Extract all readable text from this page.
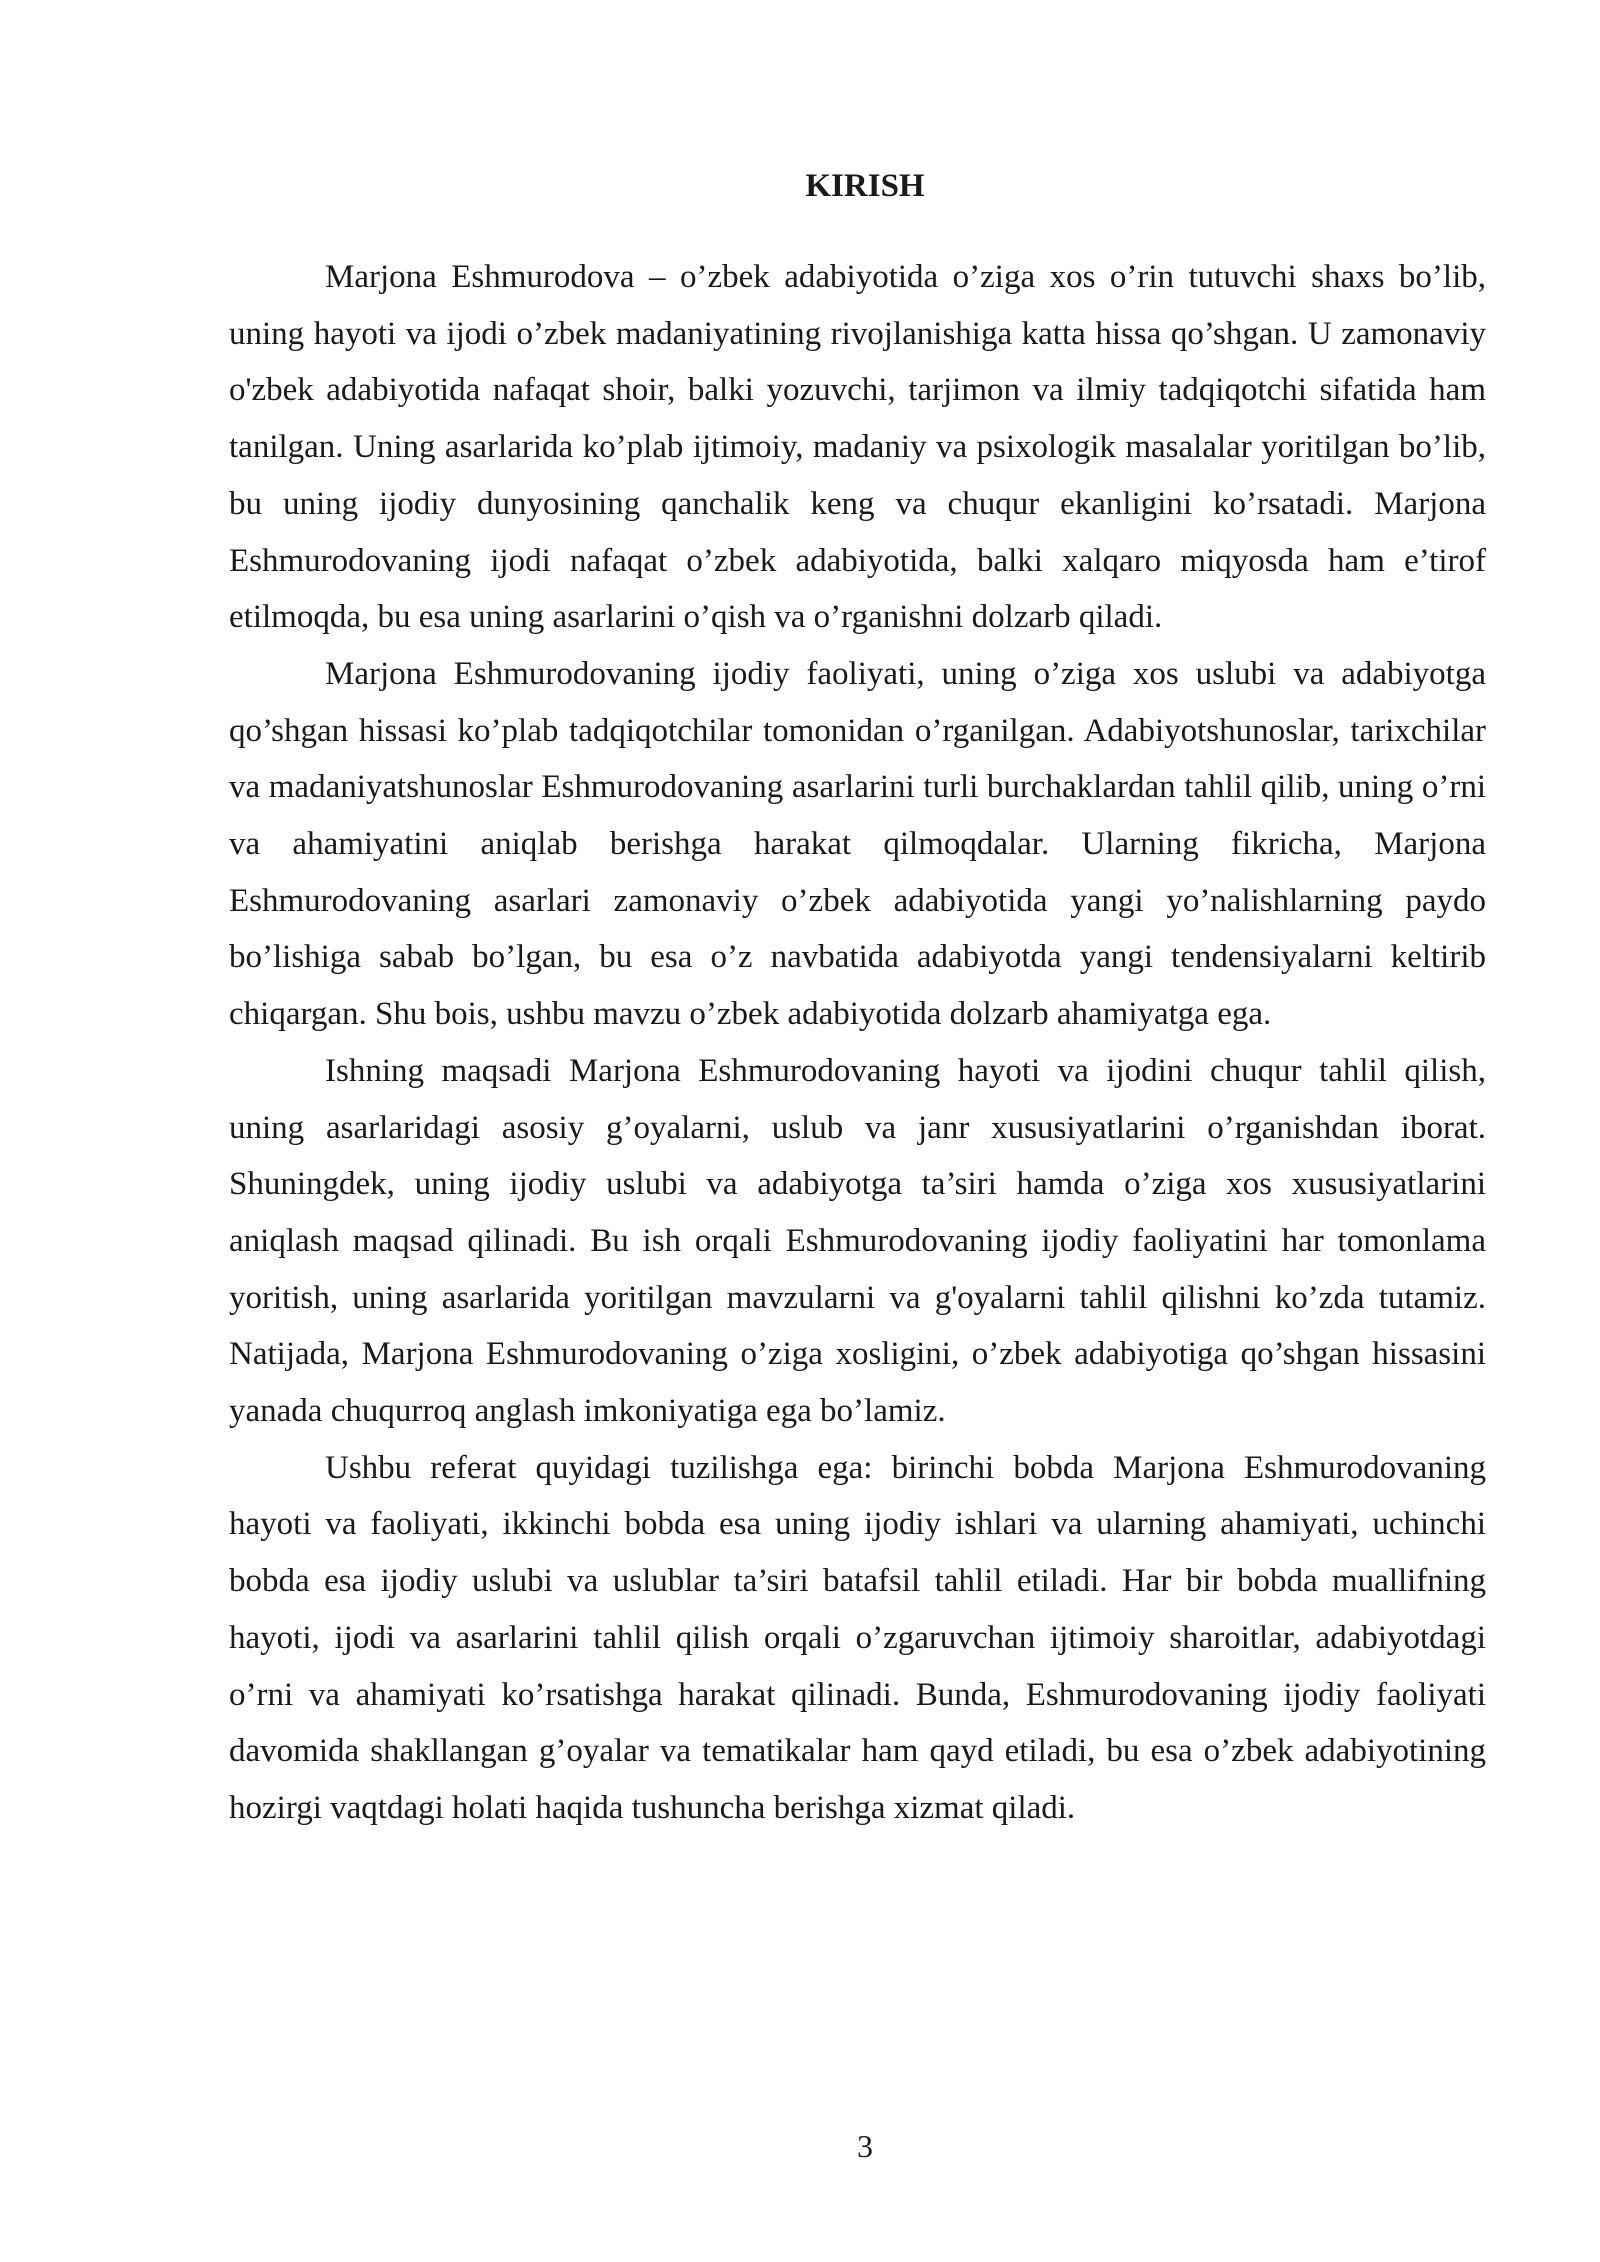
KIRISH

Marjona Eshmurodova – o’zbek adabiyotida o’ziga xos o’rin tutuvchi shaxs bo’lib, uning hayoti va ijodi o’zbek madaniyatining rivojlanishiga katta hissa qo’shgan. U zamonaviy o'zbek adabiyotida nafaqat shoir, balki yozuvchi, tarjimon va ilmiy tadqiqotchi sifatida ham tanilgan. Uning asarlarida ko’plab ijtimoiy, madaniy va psixologik masalalar yoritilgan bo’lib, bu uning ijodiy dunyosining qanchalik keng va chuqur ekanligini ko’rsatadi. Marjona Eshmurodovaning ijodi nafaqat o’zbek adabiyotida, balki xalqaro miqyosda ham e’tirof etilmoqda, bu esa uning asarlarini o’qish va o’rganishni dolzarb qiladi.

Marjona Eshmurodovaning ijodiy faoliyati, uning o’ziga xos uslubi va adabiyotga qo’shgan hissasi ko’plab tadqiqotchilar tomonidan o’rganilgan. Adabiyotshunoslar, tarixchilar va madaniyatshunoslar Eshmurodovaning asarlarini turli burchaklardan tahlil qilib, uning o’rni va ahamiyatini aniqlab berishga harakat qilmoqdalar. Ularning fikricha, Marjona Eshmurodovaning asarlari zamonaviy o’zbek adabiyotida yangi yo’nalishlarning paydo bo’lishiga sabab bo’lgan, bu esa o’z navbatida adabiyotda yangi tendensiyalarni keltirib chiqargan. Shu bois, ushbu mavzu o’zbek adabiyotida dolzarb ahamiyatga ega.

Ishning maqsadi Marjona Eshmurodovaning hayoti va ijodini chuqur tahlil qilish, uning asarlaridagi asosiy g’oyalarni, uslub va janr xususiyatlarini o’rganishdan iborat. Shuningdek, uning ijodiy uslubi va adabiyotga ta’siri hamda o’ziga xos xususiyatlarini aniqlash maqsad qilinadi. Bu ish orqali Eshmurodovaning ijodiy faoliyatini har tomonlama yoritish, uning asarlarida yoritilgan mavzularni va g'oyalarni tahlil qilishni ko’zda tutamiz. Natijada, Marjona Eshmurodovaning o’ziga xosligini, o’zbek adabiyotiga qo’shgan hissasini yanada chuqurroq anglash imkoniyatiga ega bo’lamiz.

Ushbu referat quyidagi tuzilishga ega: birinchi bobda Marjona Eshmurodovaning hayoti va faoliyati, ikkinchi bobda esa uning ijodiy ishlari va ularning ahamiyati, uchinchi bobda esa ijodiy uslubi va uslublar ta’siri batafsil tahlil etiladi. Har bir bobda muallifning hayoti, ijodi va asarlarini tahlil qilish orqali o’zgaruvchan ijtimoiy sharoitlar, adabiyotdagi o’rni va ahamiyati ko’rsatishga harakat qilinadi. Bunda, Eshmurodovaning ijodiy faoliyati davomida shakllangan g’oyalar va tematikalar ham qayd etiladi, bu esa o’zbek adabiyotining hozirgi vaqtdagi holati haqida tushuncha berishga xizmat qiladi.

3
